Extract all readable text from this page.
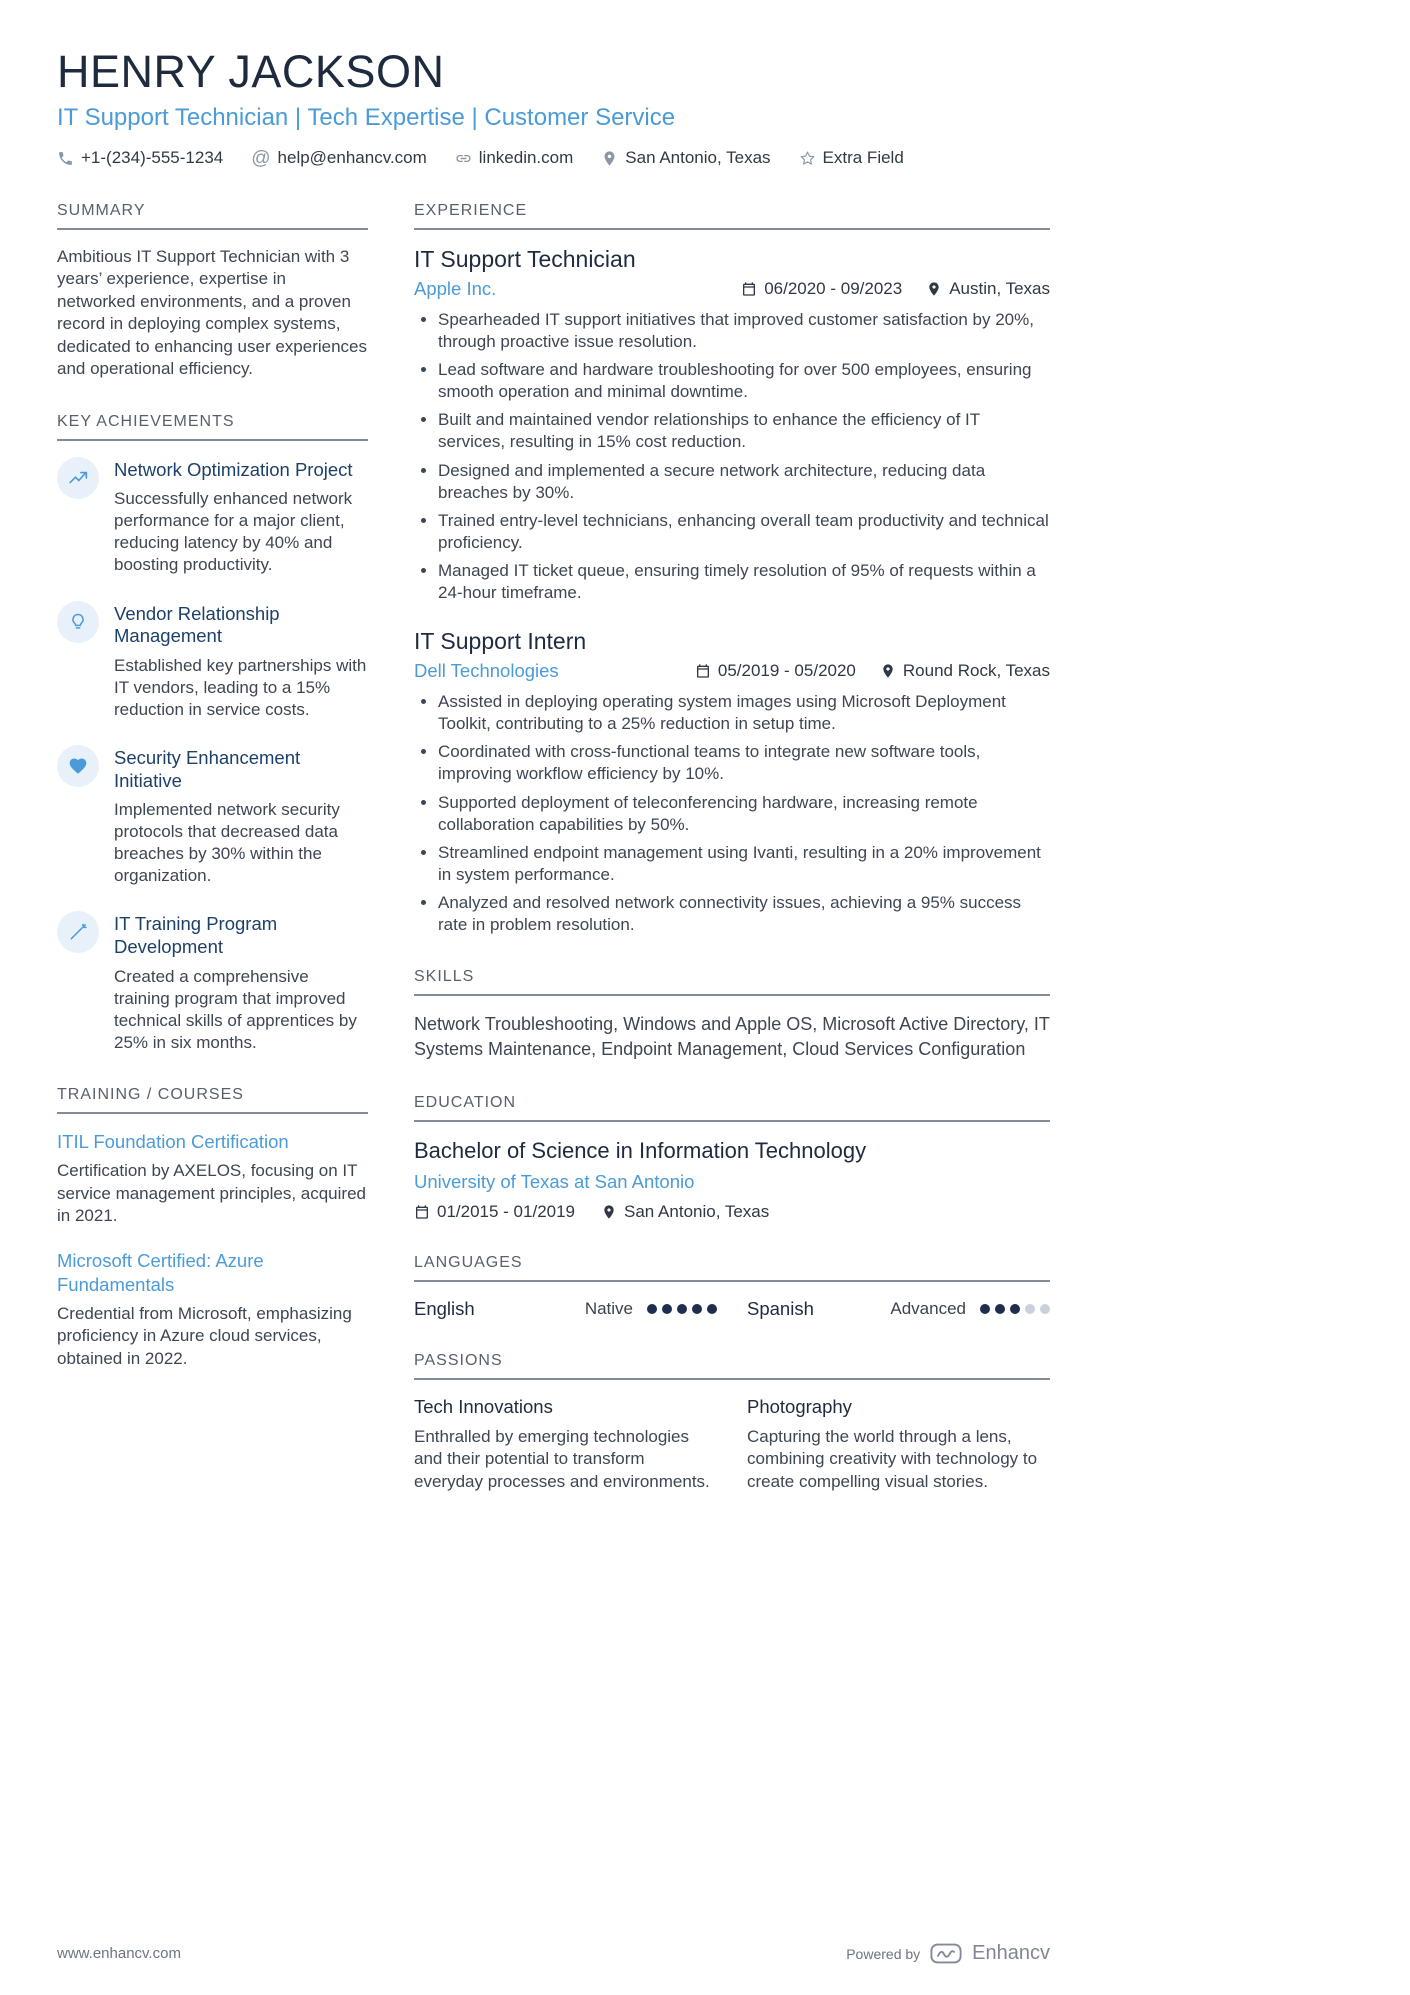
HENRY JACKSON
IT Support Technician | Tech Expertise | Customer Service
+1-(234)-555-1234 @ help@enhancv.com	linkedin.com	San Antonio, Texas	Extra Field
SUMMARY
Ambitious IT Support Technician with 3 years’ experience, expertise in networked environments, and a proven record in deploying complex systems, dedicated to enhancing user experiences and operational efficiency.
KEY ACHIEVEMENTS
Network Optimization Project
Successfully enhanced network performance for a major client, reducing latency by 40% and boosting productivity.
Vendor Relationship Management
Established key partnerships with IT vendors, leading to a 15% reduction in service costs.
Security Enhancement Initiative
Implemented network security protocols that decreased data breaches by 30% within the organization.
IT Training Program Development
Created a comprehensive training program that improved technical skills of apprentices by 25% in six months.
TRAINING / COURSES
ITIL Foundation Certification
Certification by AXELOS, focusing on IT service management principles, acquired in 2021.
Microsoft Certified: Azure Fundamentals
Credential from Microsoft, emphasizing proficiency in Azure cloud services, obtained in 2022.
EXPERIENCE
IT Support Technician
Apple Inc.	06/2020 - 09/2023	Austin, Texas
• Spearheaded IT support initiatives that improved customer satisfaction by 20%, through proactive issue resolution.
• Lead software and hardware troubleshooting for over 500 employees, ensuring smooth operation and minimal downtime.
• Built and maintained vendor relationships to enhance the efficiency of IT services, resulting in 15% cost reduction.
• Designed and implemented a secure network architecture, reducing data breaches by 30%.
• Trained entry-level technicians, enhancing overall team productivity and technical proficiency.
• Managed IT ticket queue, ensuring timely resolution of 95% of requests within a 24-hour timeframe.
IT Support Intern
Dell Technologies	05/2019 - 05/2020	Round Rock, Texas
• Assisted in deploying operating system images using Microsoft Deployment Toolkit, contributing to a 25% reduction in setup time.
• Coordinated with cross-functional teams to integrate new software tools, improving workflow efficiency by 10%.
• Supported deployment of teleconferencing hardware, increasing remote collaboration capabilities by 50%.
• Streamlined endpoint management using Ivanti, resulting in a 20% improvement in system performance.
• Analyzed and resolved network connectivity issues, achieving a 95% success rate in problem resolution.
SKILLS
Network Troubleshooting, Windows and Apple OS, Microsoft Active Directory, IT Systems Maintenance, Endpoint Management, Cloud Services Configuration
EDUCATION
Bachelor of Science in Information Technology
University of Texas at San Antonio
01/2015 - 01/2019	San Antonio, Texas
LANGUAGES
English	Native	Spanish	Advanced
PASSIONS
Tech Innovations
Enthralled by emerging technologies and their potential to transform everyday processes and environments.
Photography
Capturing the world through a lens, combining creativity with technology to create compelling visual stories.
www.enhancv.com	Powered by	Enhancv
